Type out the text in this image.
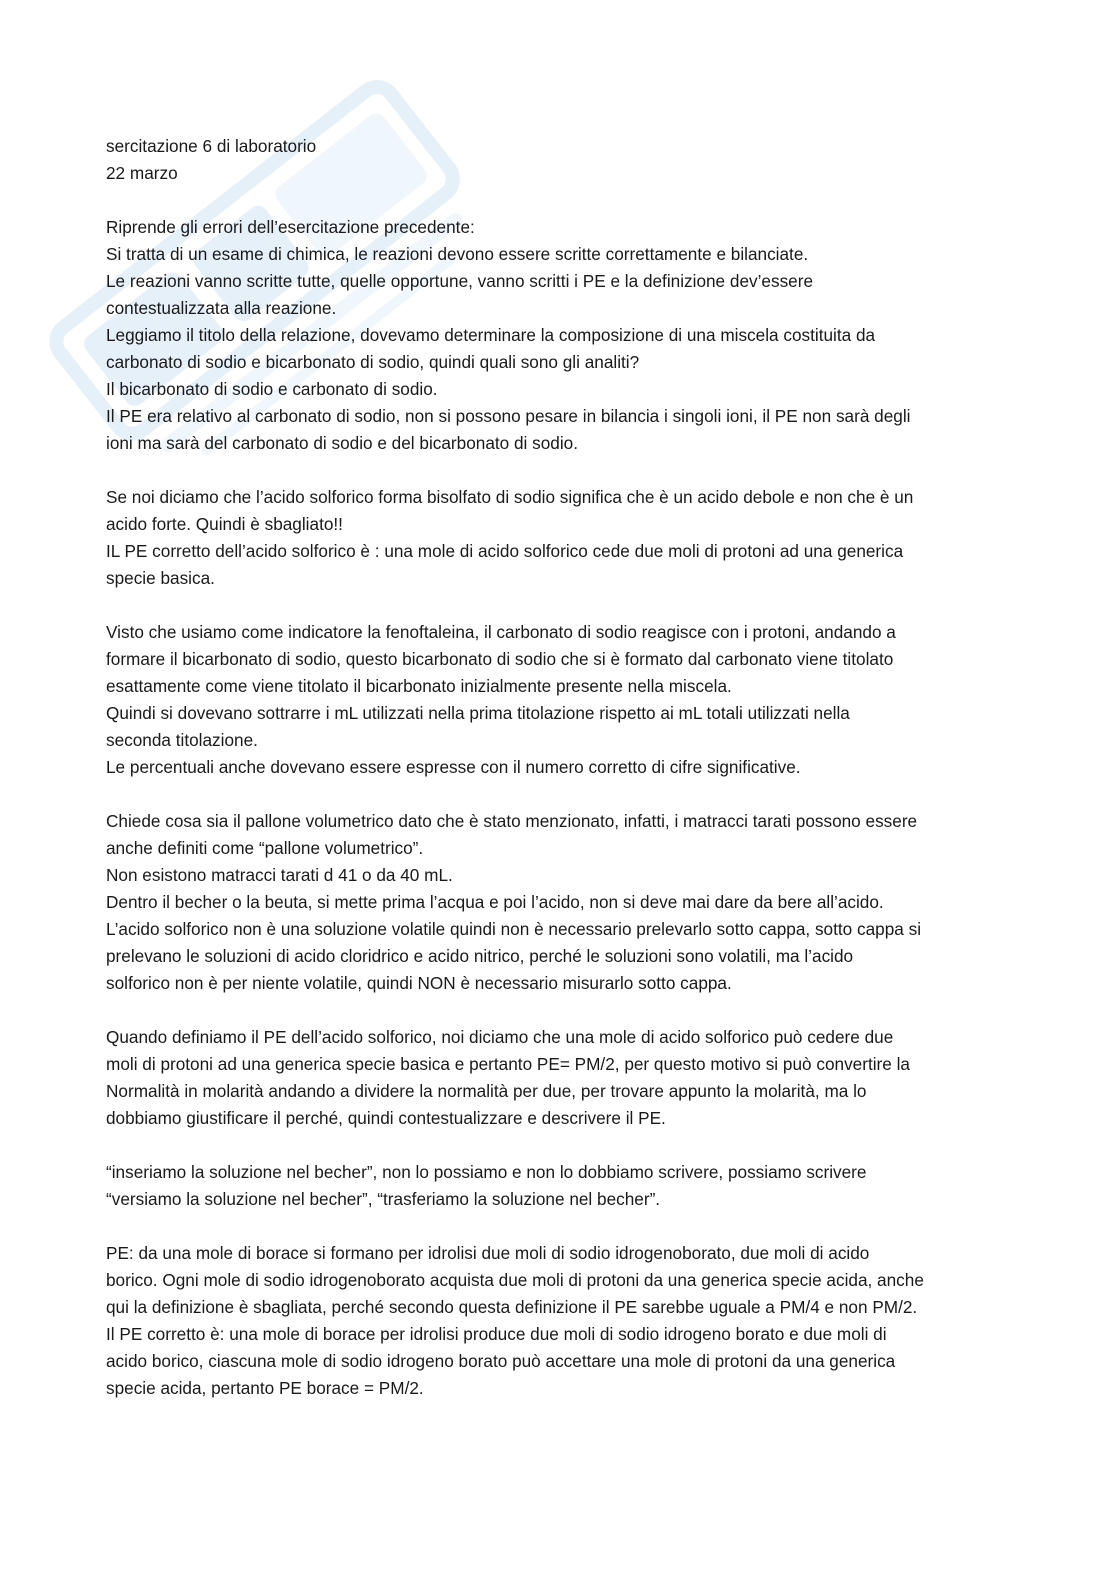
sercitazione 6 di laboratorio
22 marzo
Riprende gli errori dell’esercitazione precedente:
Si tratta di un esame di chimica, le reazioni devono essere scritte correttamente e bilanciate.
Le reazioni vanno scritte tutte, quelle opportune, vanno scritti i PE e la definizione dev’essere
contestualizzata alla reazione.
Leggiamo il titolo della relazione, dovevamo determinare la composizione di una miscela costituita da
carbonato di sodio e bicarbonato di sodio, quindi quali sono gli analiti?
Il bicarbonato di sodio e carbonato di sodio.
Il PE era relativo al carbonato di sodio, non si possono pesare in bilancia i singoli ioni, il PE non sarà degli
ioni ma sarà del carbonato di sodio e del bicarbonato di sodio.
Se noi diciamo che l’acido solforico forma bisolfato di sodio significa che è un acido debole e non che è un
acido forte. Quindi è sbagliato!!
IL PE corretto dell’acido solforico è : una mole di acido solforico cede due moli di protoni ad una generica
specie basica.
Visto che usiamo come indicatore la fenoftaleina, il carbonato di sodio reagisce con i protoni, andando a
formare il bicarbonato di sodio, questo bicarbonato di sodio che si è formato dal carbonato viene titolato
esattamente come viene titolato il bicarbonato inizialmente presente nella miscela.
Quindi si dovevano sottrarre i mL utilizzati nella prima titolazione rispetto ai mL totali utilizzati nella
seconda titolazione.
Le percentuali anche dovevano essere espresse con il numero corretto di cifre significative.
Chiede cosa sia il pallone volumetrico dato che è stato menzionato, infatti, i matracci tarati possono essere
anche definiti come “pallone volumetrico”.
Non esistono matracci tarati d 41 o da 40 mL.
Dentro il becher o la beuta, si mette prima l’acqua e poi l’acido, non si deve mai dare da bere all’acido.
L’acido solforico non è una soluzione volatile quindi non è necessario prelevarlo sotto cappa, sotto cappa si
prelevano le soluzioni di acido cloridrico e acido nitrico, perché le soluzioni sono volatili, ma l’acido
solforico non è per niente volatile, quindi NON è necessario misurarlo sotto cappa.
Quando definiamo il PE dell’acido solforico, noi diciamo che una mole di acido solforico può cedere due
moli di protoni ad una generica specie basica e pertanto PE= PM/2, per questo motivo si può convertire la
Normalità in molarità andando a dividere la normalità per due, per trovare appunto la molarità, ma lo
dobbiamo giustificare il perché, quindi contestualizzare e descrivere il PE.
“inseriamo la soluzione nel becher”, non lo possiamo e non lo dobbiamo scrivere, possiamo scrivere
“versiamo la soluzione nel becher”, “trasferiamo la soluzione nel becher”.
PE: da una mole di borace si formano per idrolisi due moli di sodio idrogenoborato, due moli di acido
borico. Ogni mole di sodio idrogenoborato acquista due moli di protoni da una generica specie acida, anche
qui la definizione è sbagliata, perché secondo questa definizione il PE sarebbe uguale a PM/4 e non PM/2.
Il PE corretto è: una mole di borace per idrolisi produce due moli di sodio idrogeno borato e due moli di
acido borico, ciascuna mole di sodio idrogeno borato può accettare una mole di protoni da una generica
specie acida, pertanto PE borace = PM/2.
